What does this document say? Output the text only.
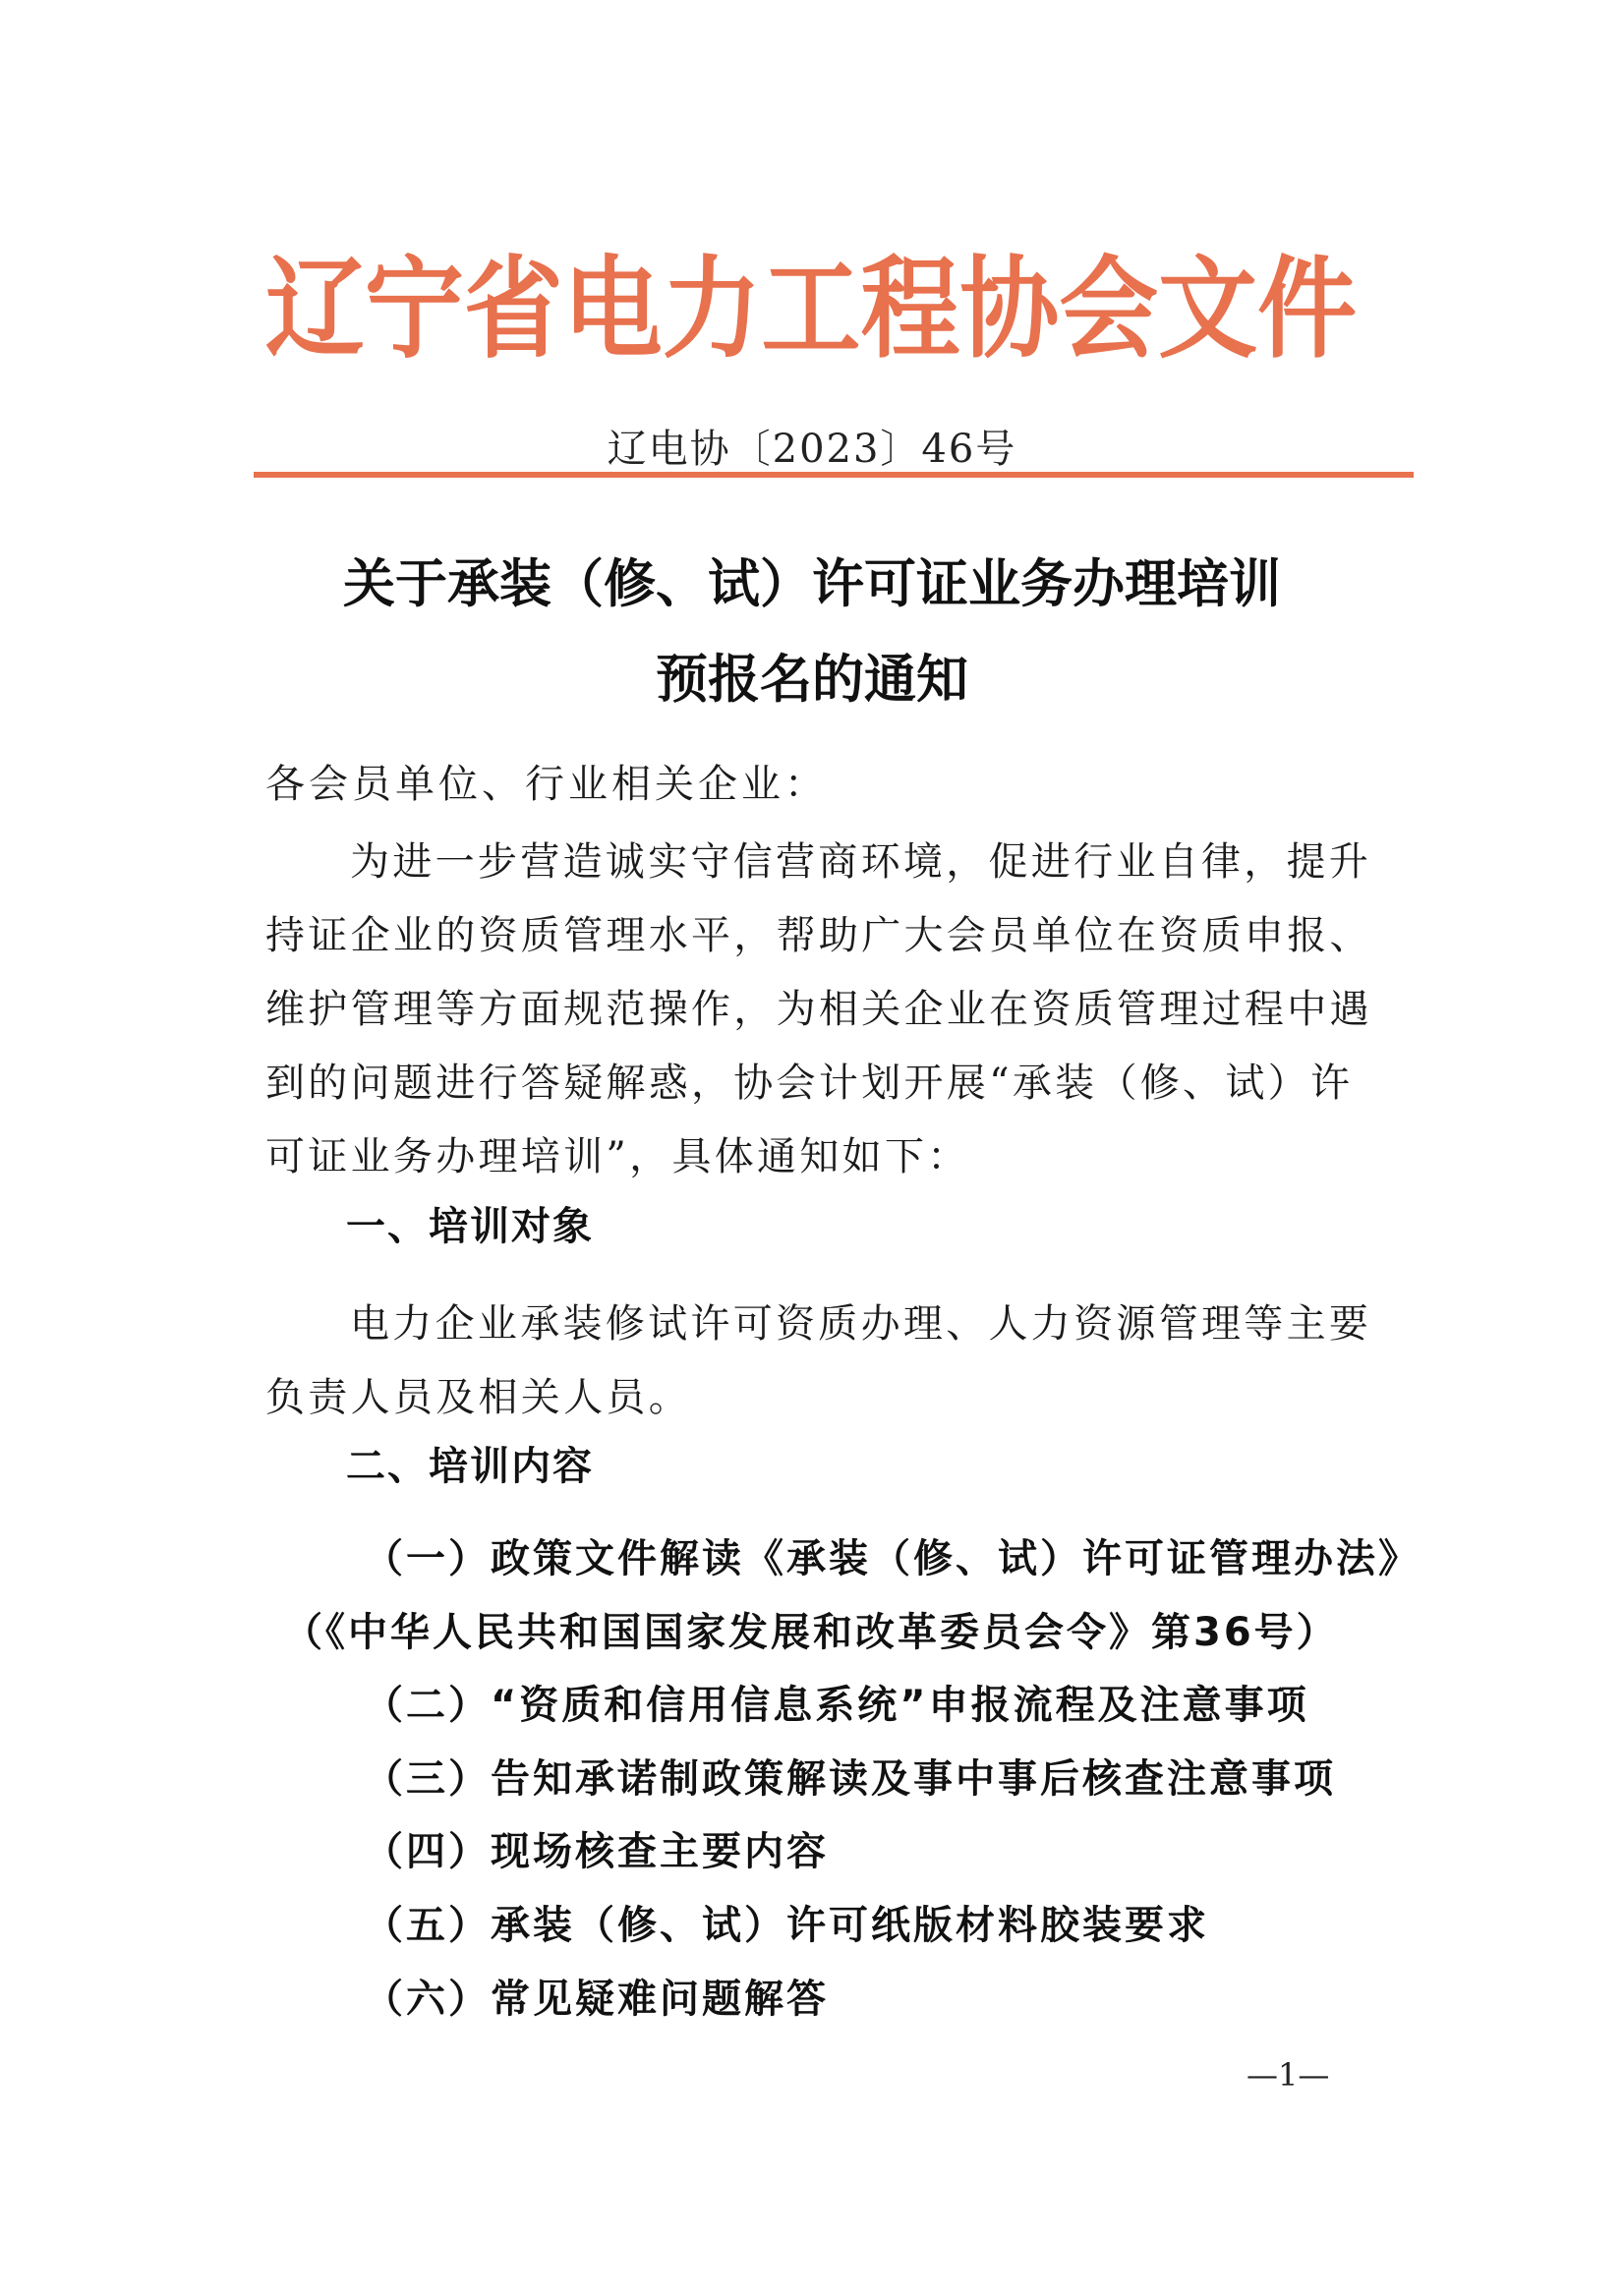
辽宁省电力工程协会文件
辽电协〔2023〕46号
关于承装（修、试）许可证业务办理培训
预报名的通知

各会员单位、行业相关企业：

为进一步营造诚实守信营商环境，促进行业自律，提升
持证企业的资质管理水平，帮助广大会员单位在资质申报、
维护管理等方面规范操作，为相关企业在资质管理过程中遇
到的问题进行答疑解惑，协会计划开展“承装（修、试）许
可证业务办理培训”，具体通知如下：

一、培训对象

电力企业承装修试许可资质办理、人力资源管理等主要
负责人员及相关人员。

二、培训内容
（一）政策文件解读《承装（修、试）许可证管理办法》
（《中华人民共和国国家发展和改革委员会令》第36号）
（二）“资质和信用信息系统”申报流程及注意事项
（三）告知承诺制政策解读及事中事后核查注意事项
（四）现场核查主要内容
（五）承装（修、试）许可纸版材料胶装要求
（六）常见疑难问题解答
—1—
